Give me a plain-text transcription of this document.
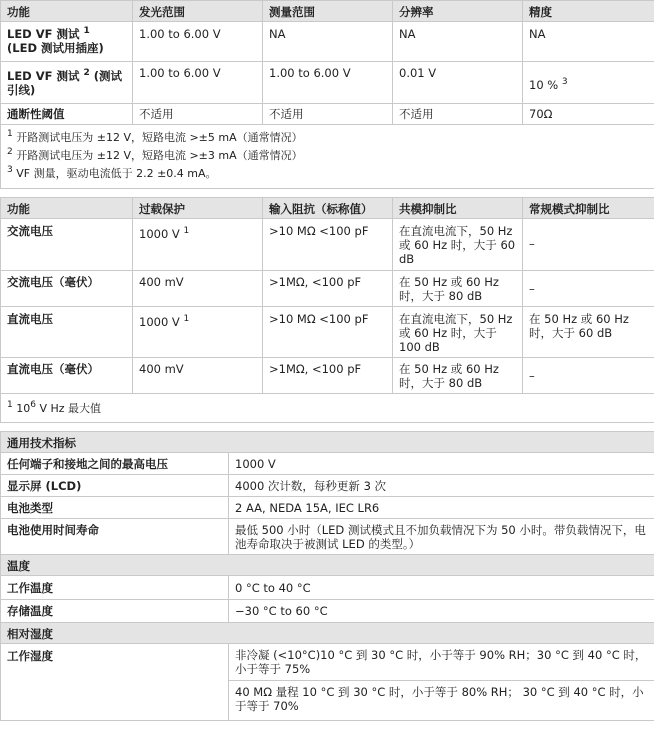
功能	发光范围	测量范围	分辨率	精度
LED VF 测试 $^1$
(LED 测试用插座)	1.00 to 6.00 V	NA	NA	NA
LED VF 测试 $^2$ (测试引线)	1.00 to 6.00 V	1.00 to 6.00 V	0.01 V	10 % $^3$
通断性阈值	不适用	不适用	不适用	70Ω

$^1$ 开路测试电压为 ±12 V，短路电流 >±5 mA（通常情况）
$^2$ 开路测试电压为 ±12 V，短路电流 >±3 mA（通常情况）
$^3$ VF 测量，驱动电流低于 2.2 ±0.4 mA。				
功能	过载保护	输入阻抗（标称值）	共模抑制比	常规模式抑制比
交流电压	1000 V $^1$	>10 MΩ <100 pF	在直流电流下，50 Hz 或 60 Hz 时，大于 60 dB	–
交流电压（毫伏）	400 mV	>1MΩ, <100 pF	在 50 Hz 或 60 Hz 时，大于 80 dB	–
直流电压	1000 V $^1$	>10 MΩ <100 pF	在直流电流下，50 Hz 或 60 Hz 时，大于 100 dB	在 50 Hz 或 60 Hz 时，大于 60 dB
直流电压（毫伏）	400 mV	>1MΩ, <100 pF	在 50 Hz 或 60 Hz 时，大于 80 dB	–
$^1$ $10^6$ V Hz 最大值				
通用技术指标	
任何端子和接地之间的最高电压	1000 V
显示屏 (LCD)	4000 次计数，每秒更新 3 次
电池类型	2 AA, NEDA 15A, IEC LR6
电池使用时间寿命	最低 500 小时（LED 测试模式且不加负载情况下为 50 小时。带负载情况下，电池寿命取决于被测试 LED 的类型。）
温度	
工作温度	0 °C to 40 °C
存储温度	−30 °C to 60 °C
相对湿度	
工作湿度	非冷凝 (<10°C)10 °C 到 30 °C 时，小于等于 90% RH；30 °C 到 40 °C 时，小于等于 75%
	40 MΩ 量程 10 °C 到 30 °C 时，小于等于 80% RH； 30 °C 到 40 °C 时，小于等于 70%
